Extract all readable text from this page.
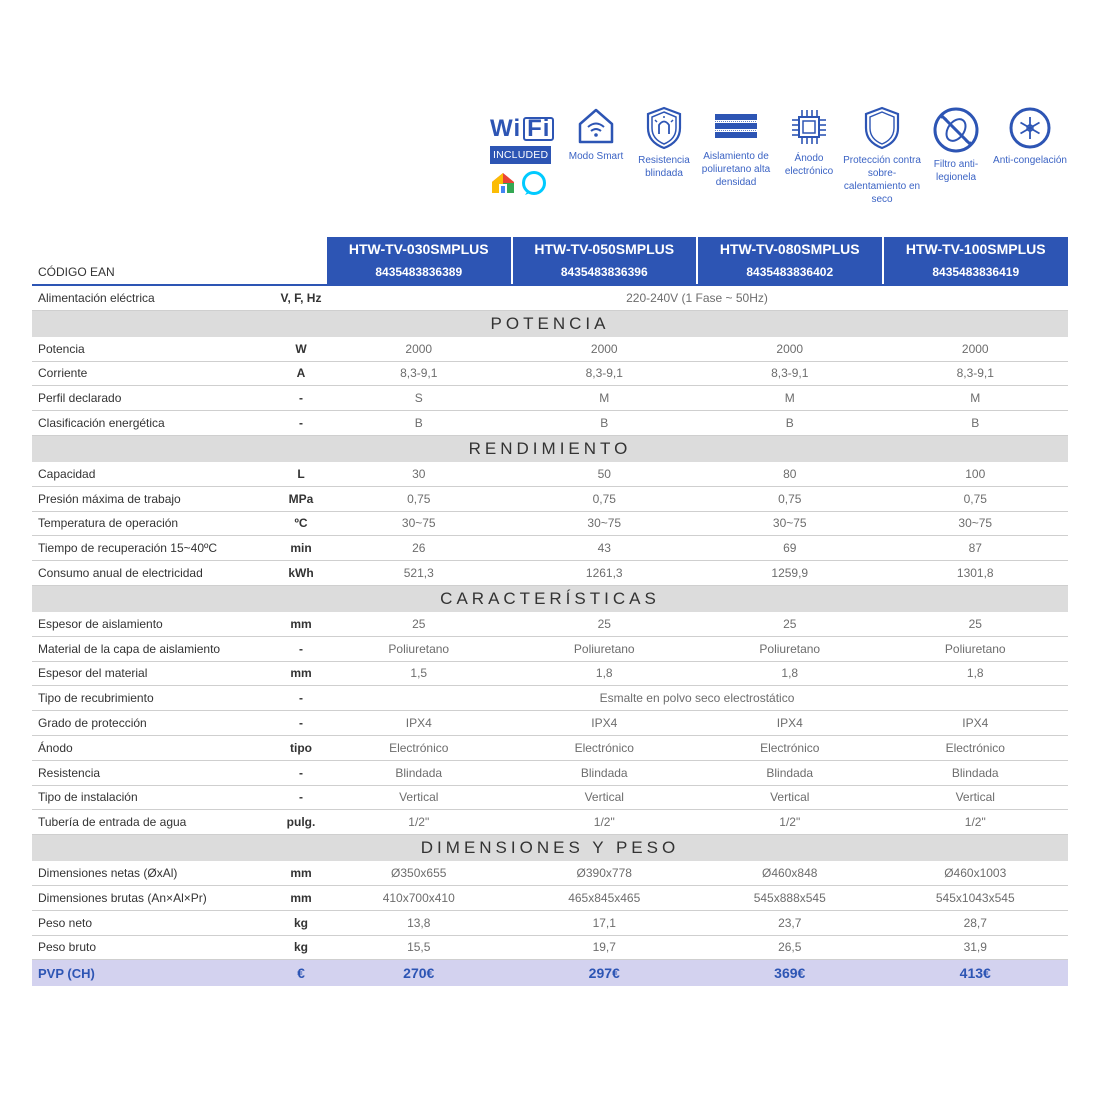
Wi Fi
INCLUDED	Modo Smart	Resistencia blindada
Aislamiento de poliuretano alta densidad
Ánodo electrónico
Protección contra sobre-calentamiento en seco
Filtro anti-legionela
Anti-congelación
		HTW-TV-030SMPLUS	HTW-TV-050SMPLUS	HTW-TV-080SMPLUS	HTW-TV-100SMPLUS
CÓDIGO EAN		8435483836389	8435483836396	8435483836402	8435483836419
Alimentación eléctrica	V, F, Hz	220-240V (1 Fase ~ 50Hz)			
POTENCIA					
Potencia	W	2000	2000	2000	2000
Corriente	A	8,3-9,1	8,3-9,1	8,3-9,1	8,3-9,1
Perfil declarado	-	S	M	M	M
Clasificación energética	-	B	B	B	B
RENDIMIENTO					
Capacidad	L	30	50	80	100
Presión máxima de trabajo	MPa	0,75	0,75	0,75	0,75
Temperatura de operación	ºC	30~75	30~75	30~75	30~75
Tiempo de recuperación 15~40ºC	min	26	43	69	87
Consumo anual de electricidad	kWh	521,3	1261,3	1259,9	1301,8
CARACTERÍSTICAS					
Espesor de aislamiento	mm	25	25	25	25
Material de la capa de aislamiento	-	Poliuretano	Poliuretano	Poliuretano	Poliuretano
Espesor del material	mm	1,5	1,8	1,8	1,8
Tipo de recubrimiento	-	Esmalte en polvo seco electrostático			
Grado de protección	-	IPX4	IPX4	IPX4	IPX4
Ánodo	tipo	Electrónico	Electrónico	Electrónico	Electrónico
Resistencia	-	Blindada	Blindada	Blindada	Blindada
Tipo de instalación	-	Vertical	Vertical	Vertical	Vertical
Tubería de entrada de agua	pulg.	1/2"	1/2"	1/2"	1/2"
DIMENSIONES Y PESO					
Dimensiones netas (ØxAl)	mm	Ø350x655	Ø390x778	Ø460x848	Ø460x1003
Dimensiones brutas (An×Al×Pr)	mm	410x700x410	465x845x465	545x888x545	545x1043x545
Peso neto	kg	13,8	17,1	23,7	28,7
Peso bruto	kg	15,5	19,7	26,5	31,9
PVP (CH)	€	270€	297€	369€	413€
